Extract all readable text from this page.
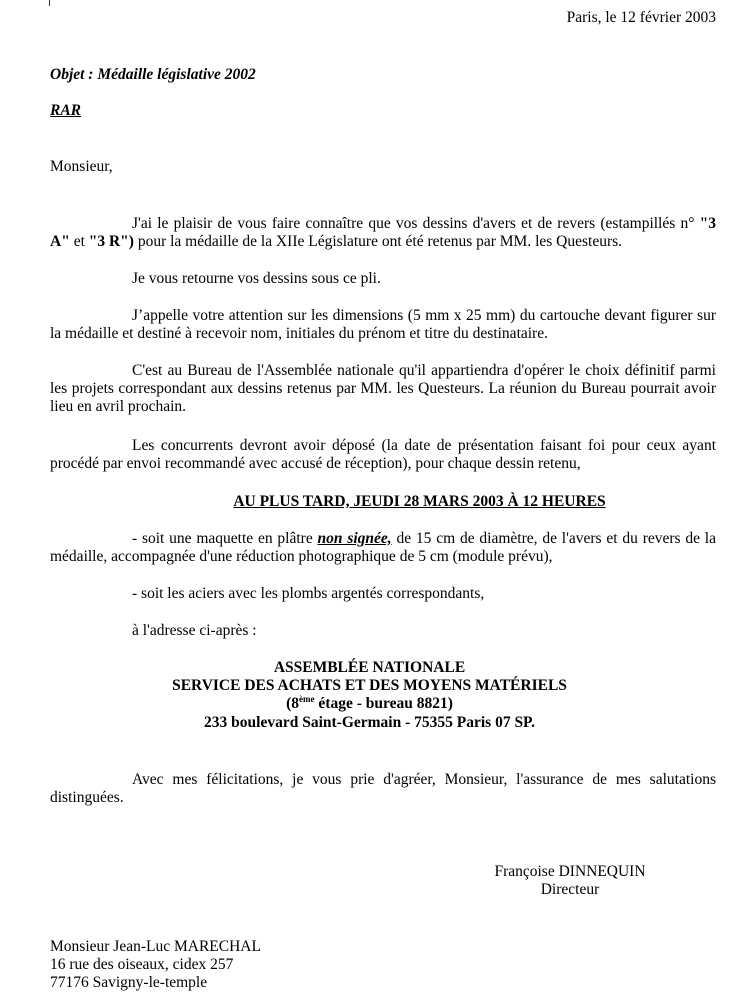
Paris, le 12 février 2003
Objet : Médaille législative 2002
RAR
Monsieur,
J'ai le plaisir de vous faire connaître que vos dessins d'avers et de revers (estampillés n° "3 A" et "3 R") pour la médaille de la XIIe Législature ont été retenus par MM. les Questeurs.
Je vous retourne vos dessins sous ce pli.
J’appelle votre attention sur les dimensions (5 mm x 25 mm) du cartouche devant figurer sur la médaille et destiné à recevoir nom, initiales du prénom et titre du destinataire.
C'est au Bureau de l'Assemblée nationale qu'il appartiendra d'opérer le choix définitif parmi les projets correspondant aux dessins retenus par MM. les Questeurs. La réunion du Bureau pourrait avoir lieu en avril prochain.
Les concurrents devront avoir déposé (la date de présentation faisant foi pour ceux ayant procédé par envoi recommandé avec accusé de réception), pour chaque dessin retenu,
AU PLUS TARD, JEUDI 28 MARS 2003 À 12 HEURES
- soit une maquette en plâtre non signée, de 15 cm de diamètre, de l'avers et du revers de la médaille, accompagnée d'une réduction photographique de 5 cm (module prévu),
- soit les aciers avec les plombs argentés correspondants,
à l'adresse ci-après :
ASSEMBLÉE NATIONALE
SERVICE DES ACHATS ET DES MOYENS MATÉRIELS
(8ème étage - bureau 8821)
233 boulevard Saint-Germain - 75355 Paris 07 SP.
Avec mes félicitations, je vous prie d'agréer, Monsieur, l'assurance de mes salutations distinguées.
Françoise DINNEQUIN
Directeur
Monsieur Jean-Luc MARECHAL
16 rue des oiseaux, cidex 257
77176 Savigny-le-temple
